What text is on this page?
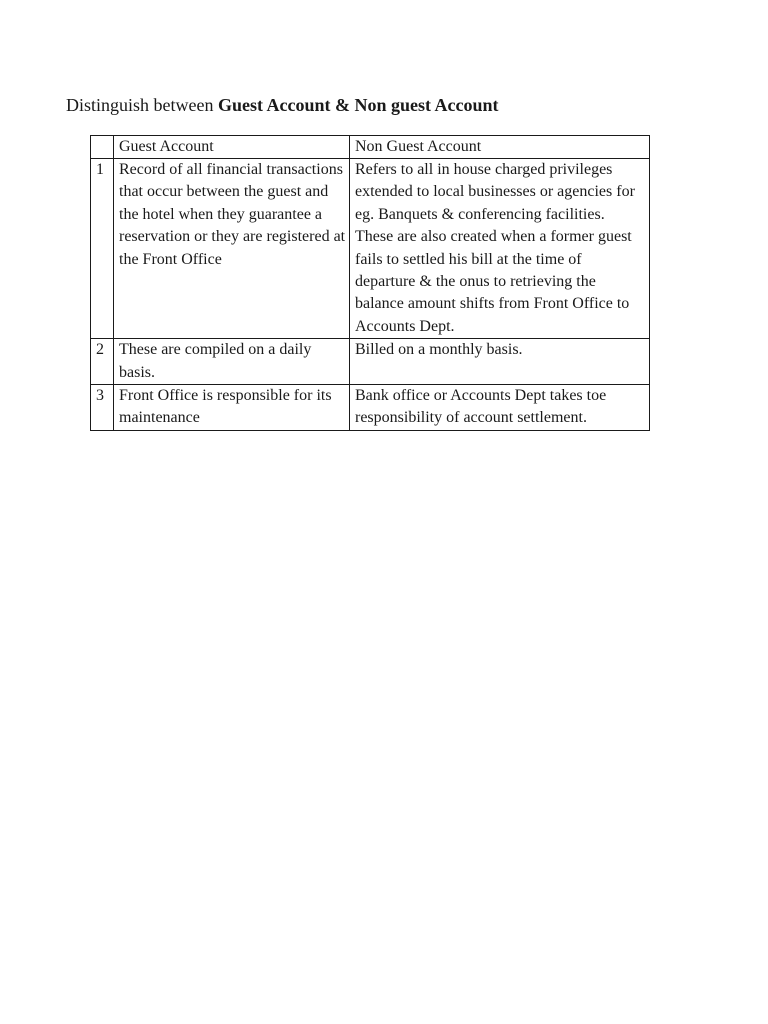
Distinguish between Guest Account & Non guest Account
	Guest Account	Non Guest Account
1	Record of all financial transactions that occur between the guest and the hotel when they guarantee a reservation or they are registered at the Front Office	Refers to all in house charged privileges extended to local businesses or agencies for eg. Banquets & conferencing facilities. These are also created when a former guest fails to settled his bill at the time of departure & the onus to retrieving the balance amount shifts from Front Office to Accounts Dept.
2	These are compiled on a daily basis.	Billed on a monthly basis.
3	Front Office is responsible for its maintenance	Bank office or Accounts Dept takes toe responsibility of account settlement.
